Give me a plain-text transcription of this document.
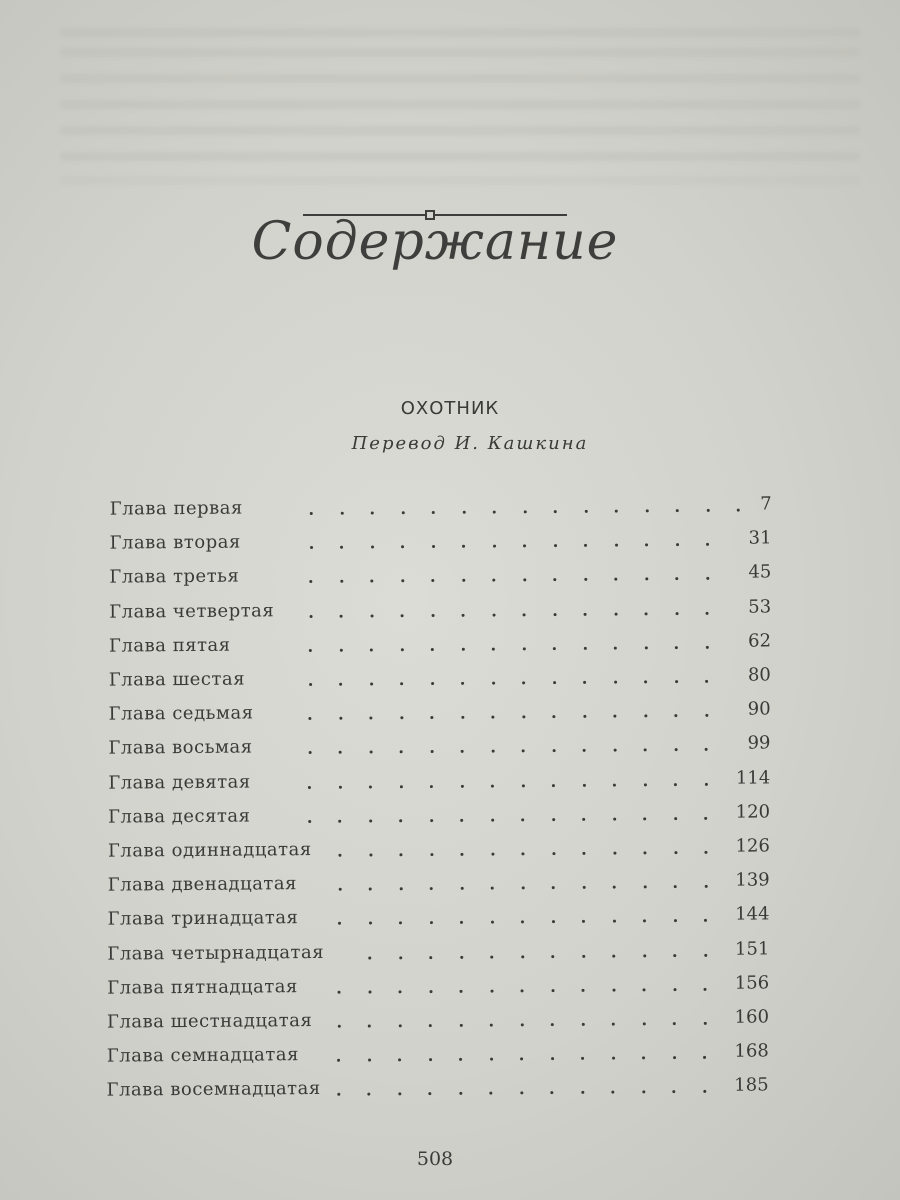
Содержание
ОХОТНИК
Перевод И. Кашкина
Глава первая	7
Глава вторая	31
Глава третья	45
Глава четвертая	53
Глава пятая	62
Глава шестая	80
Глава седьмая	90
Глава восьмая	99
Глава девятая	114
Глава десятая	120
Глава одиннадцатая	126
Глава двенадцатая	139
Глава тринадцатая	144
Глава четырнадцатая	151
Глава пятнадцатая	156
Глава шестнадцатая	160
Глава семнадцатая	168
Глава восемнадцатая	185
508
